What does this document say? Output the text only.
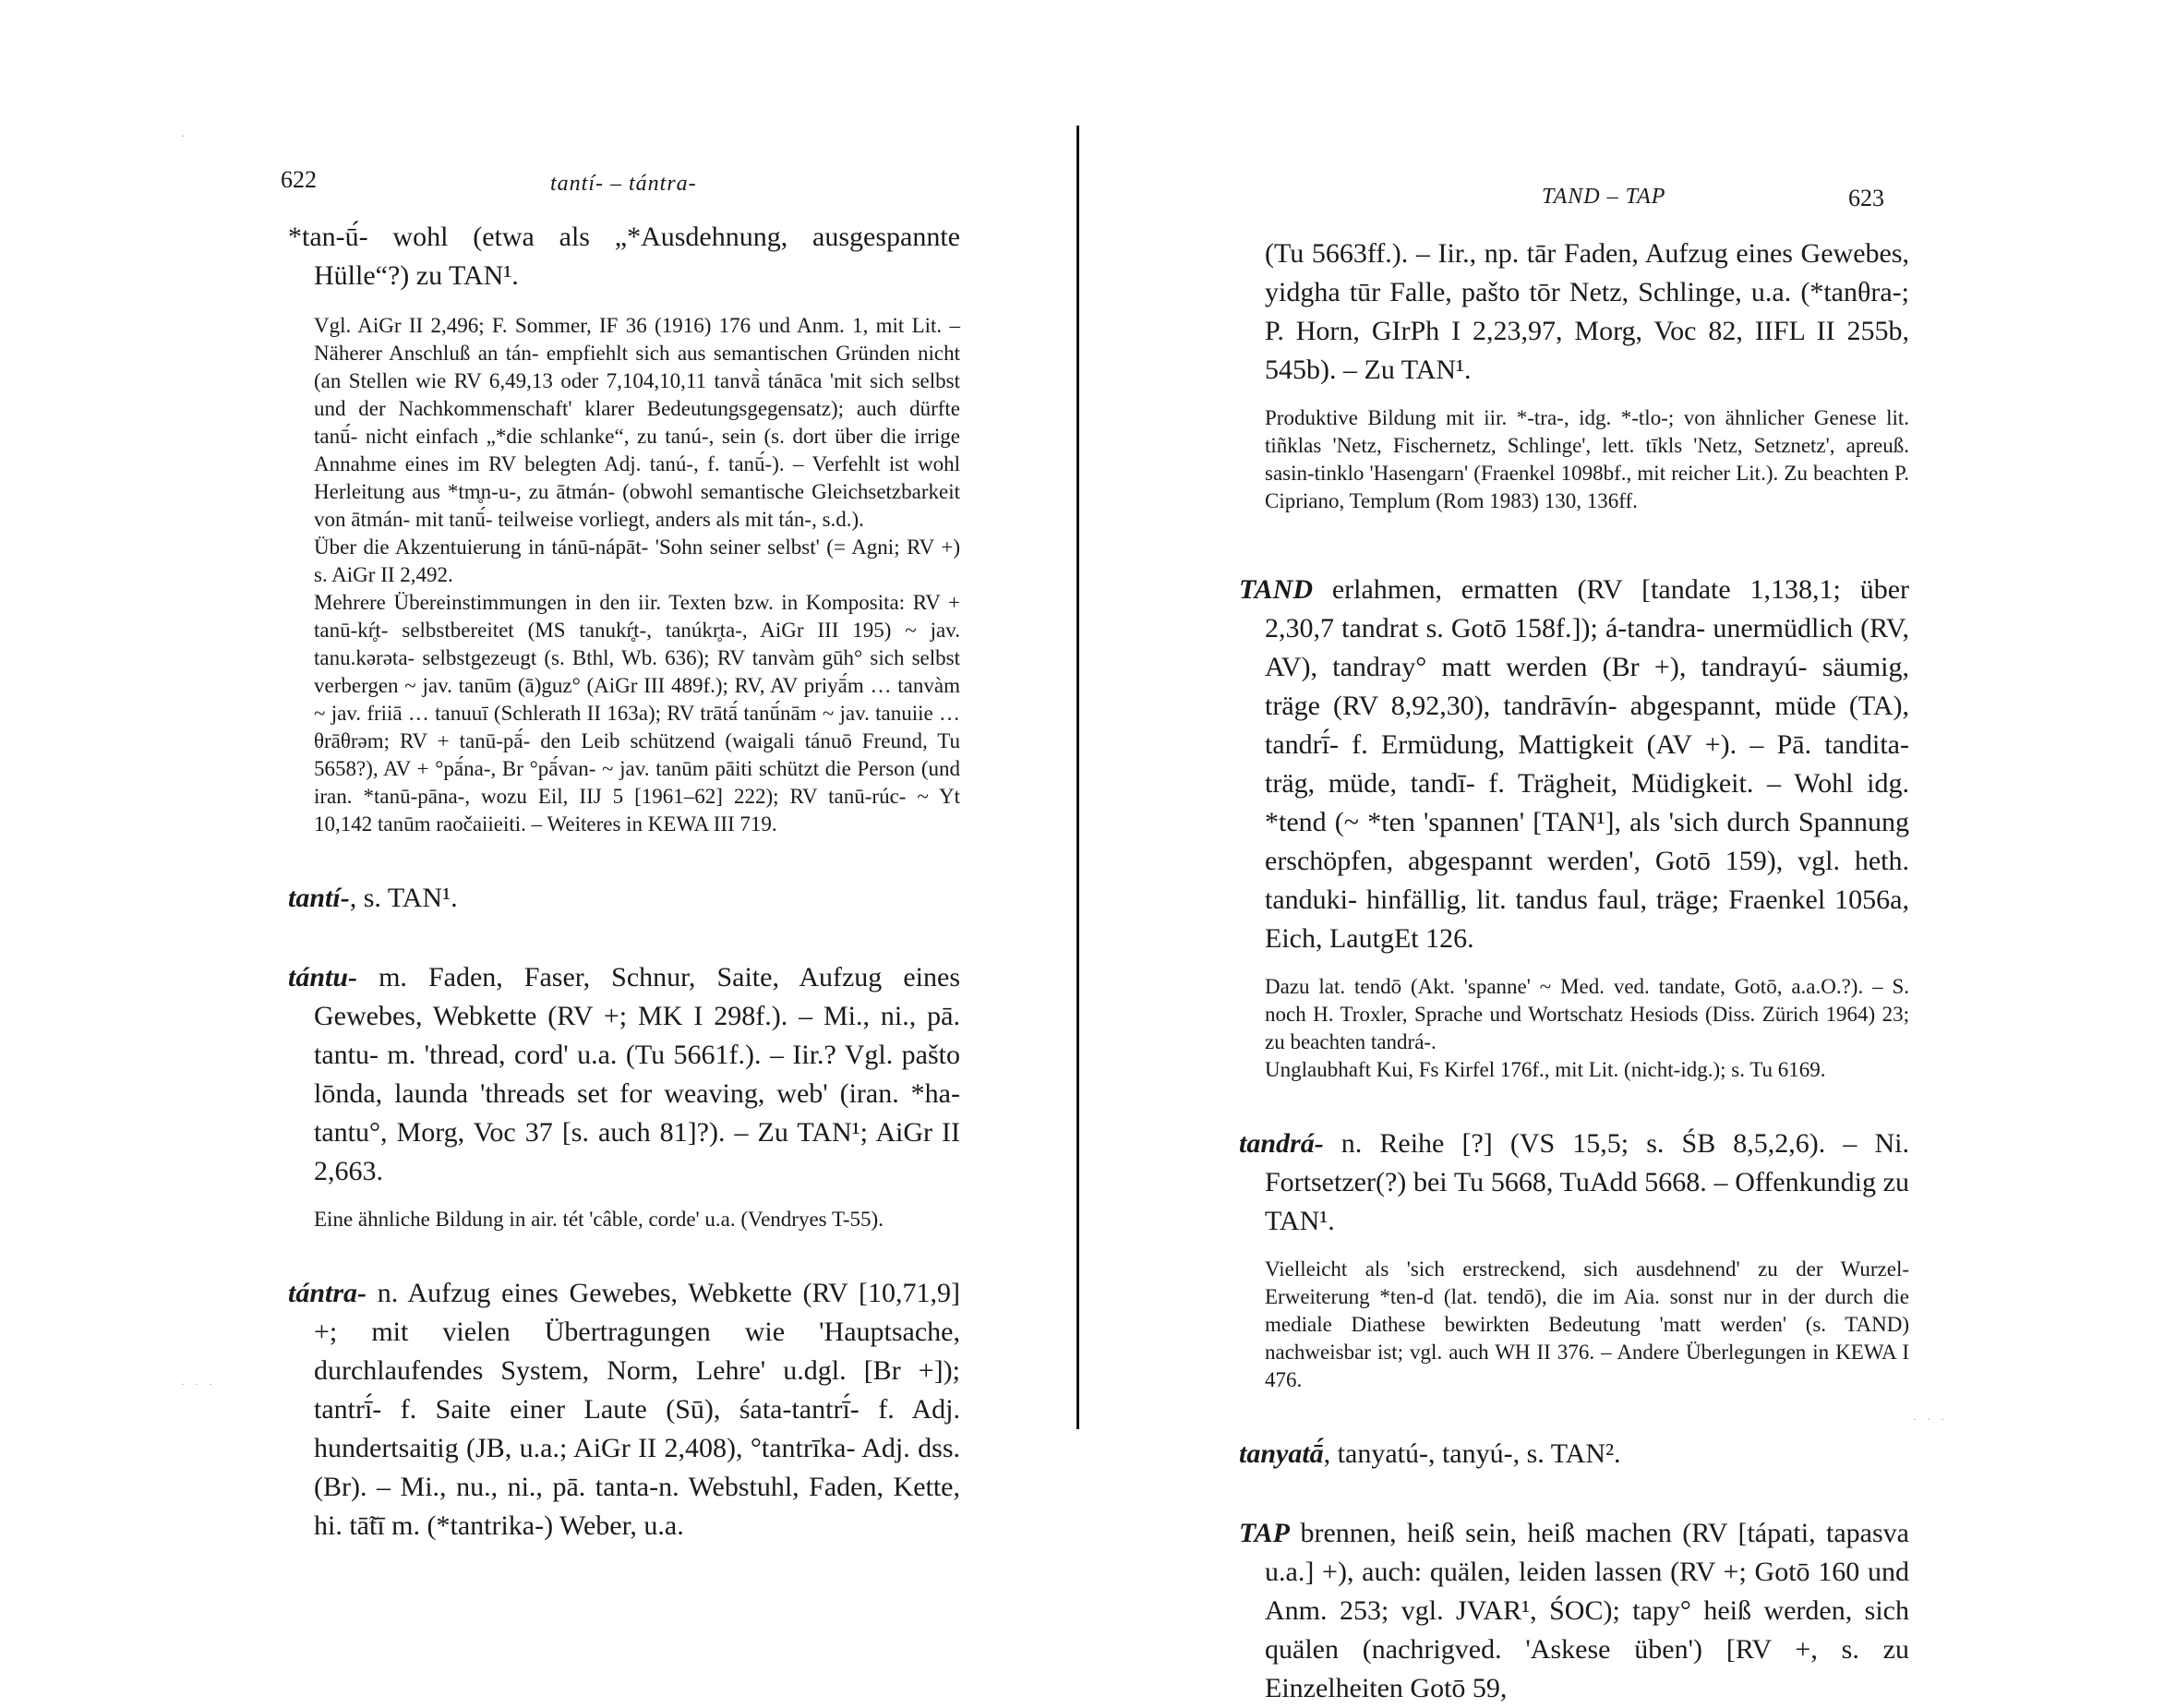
·
622	tantí- – tántra-
*tan-ū́- wohl (etwa als „*Ausdehnung, ausgespannte Hülle“?) zu TAN¹.
Vgl. AiGr II 2,496; F. Sommer, IF 36 (1916) 176 und Anm. 1, mit Lit. – Näherer Anschluß an tán- empfiehlt sich aus semantischen Gründen nicht (an Stellen wie RV 6,49,13 oder 7,104,10,11 tanvā̀ tánāca 'mit sich selbst und der Nachkommenschaft' klarer Bedeutungsgegensatz); auch dürfte tanū́- nicht einfach „*die schlanke“, zu tanú-, sein (s. dort über die irrige Annahme eines im RV belegten Adj. tanú-, f. tanū́-). – Verfehlt ist wohl Herleitung aus *tm̥n-u-, zu ātmán- (obwohl semantische Gleichsetzbarkeit von ātmán- mit tanū́- teilweise vorliegt, anders als mit tán-, s.d.).
Über die Akzentuierung in tánū-nápāt- 'Sohn seiner selbst' (= Agni; RV +) s. AiGr II 2,492.
Mehrere Übereinstimmungen in den iir. Texten bzw. in Komposita: RV + tanū-kŕ̥t- selbstbereitet (MS tanukŕ̥t-, tanúkr̥ta-, AiGr III 195) ~ jav. tanu.kərəta- selbstgezeugt (s. Bthl, Wb. 636); RV tanvàm gūh° sich selbst verbergen ~ jav. tanūm (ā)guz° (AiGr III 489f.); RV, AV priyā́m … tanvàm ~ jav. friiā … tanuuī (Schlerath II 163a); RV trātā́ tanū́nām ~ jav. tanuiie … θrāθrəm; RV + tanū-pā́- den Leib schützend (waigali tánuō Freund, Tu 5658?), AV + °pā́na-, Br °pā́van- ~ jav. tanūm pāiti schützt die Person (und iran. *tanū-pāna-, wozu Eil, IIJ 5 [1961–62] 222); RV tanū-rúc- ~ Yt 10,142 tanūm raočaiieiti. – Weiteres in KEWA III 719.
tantí-, s. TAN¹.
tántu- m. Faden, Faser, Schnur, Saite, Aufzug eines Gewebes, Webkette (RV +; MK I 298f.). – Mi., ni., pā. tantu- m. 'thread, cord' u.a. (Tu 5661f.). – Iir.? Vgl. pašto lōnda, launda 'threads set for weaving, web' (iran. *ha-tantu°, Morg, Voc 37 [s. auch 81]?). – Zu TAN¹; AiGr II 2,663.
Eine ähnliche Bildung in air. tét 'câble, corde' u.a. (Vendryes T-55).
tántra- n. Aufzug eines Gewebes, Webkette (RV [10,71,9] +; mit vielen Übertragungen wie 'Hauptsache, durchlaufendes System, Norm, Lehre' u.dgl. [Br +]); tantrī́- f. Saite einer Laute (Sū), śata-tantrī́- f. Adj. hundertsaitig (JB, u.a.; AiGr II 2,408), °tantrīka- Adj. dss. (Br). – Mi., nu., ni., pā. tanta-n. Webstuhl, Faden, Kette, hi. tā̃tī m. (*tantrika-) Weber, u.a.
· · ·
TAND – TAP	623
(Tu 5663ff.). – Iir., np. tār Faden, Aufzug eines Gewebes, yidgha tūr Falle, pašto tōr Netz, Schlinge, u.a. (*tanθra-; P. Horn, GIrPh I 2,23,97, Morg, Voc 82, IIFL II 255b, 545b). – Zu TAN¹.
Produktive Bildung mit iir. *-tra-, idg. *-tlo-; von ähnlicher Genese lit. tiñklas 'Netz, Fischernetz, Schlinge', lett. tīkls 'Netz, Setznetz', apreuß. sasin-tinklo 'Hasengarn' (Fraenkel 1098bf., mit reicher Lit.). Zu beachten P. Cipriano, Templum (Rom 1983) 130, 136ff.
TAND erlahmen, ermatten (RV [tandate 1,138,1; über 2,30,7 tandrat s. Gotō 158f.]); á-tandra- unermüdlich (RV, AV), tandray° matt werden (Br +), tandrayú- säumig, träge (RV 8,92,30), tandrāvín- abgespannt, müde (TA), tandrī́- f. Ermüdung, Mattigkeit (AV +). – Pā. tandita- träg, müde, tandī- f. Trägheit, Müdigkeit. – Wohl idg. *tend (~ *ten 'spannen' [TAN¹], als 'sich durch Spannung erschöpfen, abgespannt werden', Gotō 159), vgl. heth. tanduki- hinfällig, lit. tandus faul, träge; Fraenkel 1056a, Eich, LautgEt 126.
Dazu lat. tendō (Akt. 'spanne' ~ Med. ved. tandate, Gotō, a.a.O.?). – S. noch H. Troxler, Sprache und Wortschatz Hesiods (Diss. Zürich 1964) 23; zu beachten tandrá-.
Unglaubhaft Kui, Fs Kirfel 176f., mit Lit. (nicht-idg.); s. Tu 6169.
tandrá- n. Reihe [?] (VS 15,5; s. ŚB 8,5,2,6). – Ni. Fortsetzer(?) bei Tu 5668, TuAdd 5668. – Offenkundig zu TAN¹.
Vielleicht als 'sich erstreckend, sich ausdehnend' zu der Wurzel-Erweiterung *ten-d (lat. tendō), die im Aia. sonst nur in der durch die mediale Diathese bewirkten Bedeutung 'matt werden' (s. TAND) nachweisbar ist; vgl. auch WH II 376. – Andere Überlegungen in KEWA I 476.
tanyatā́, tanyatú-, tanyú-, s. TAN².
TAP brennen, heiß sein, heiß machen (RV [tápati, tapasva u.a.] +), auch: quälen, leiden lassen (RV +; Gotō 160 und Anm. 253; vgl. JVAR¹, ŚOC); tapy° heiß werden, sich quälen (nachrigved. 'Askese üben') [RV +, s. zu Einzelheiten Gotō 59,
· · ·
